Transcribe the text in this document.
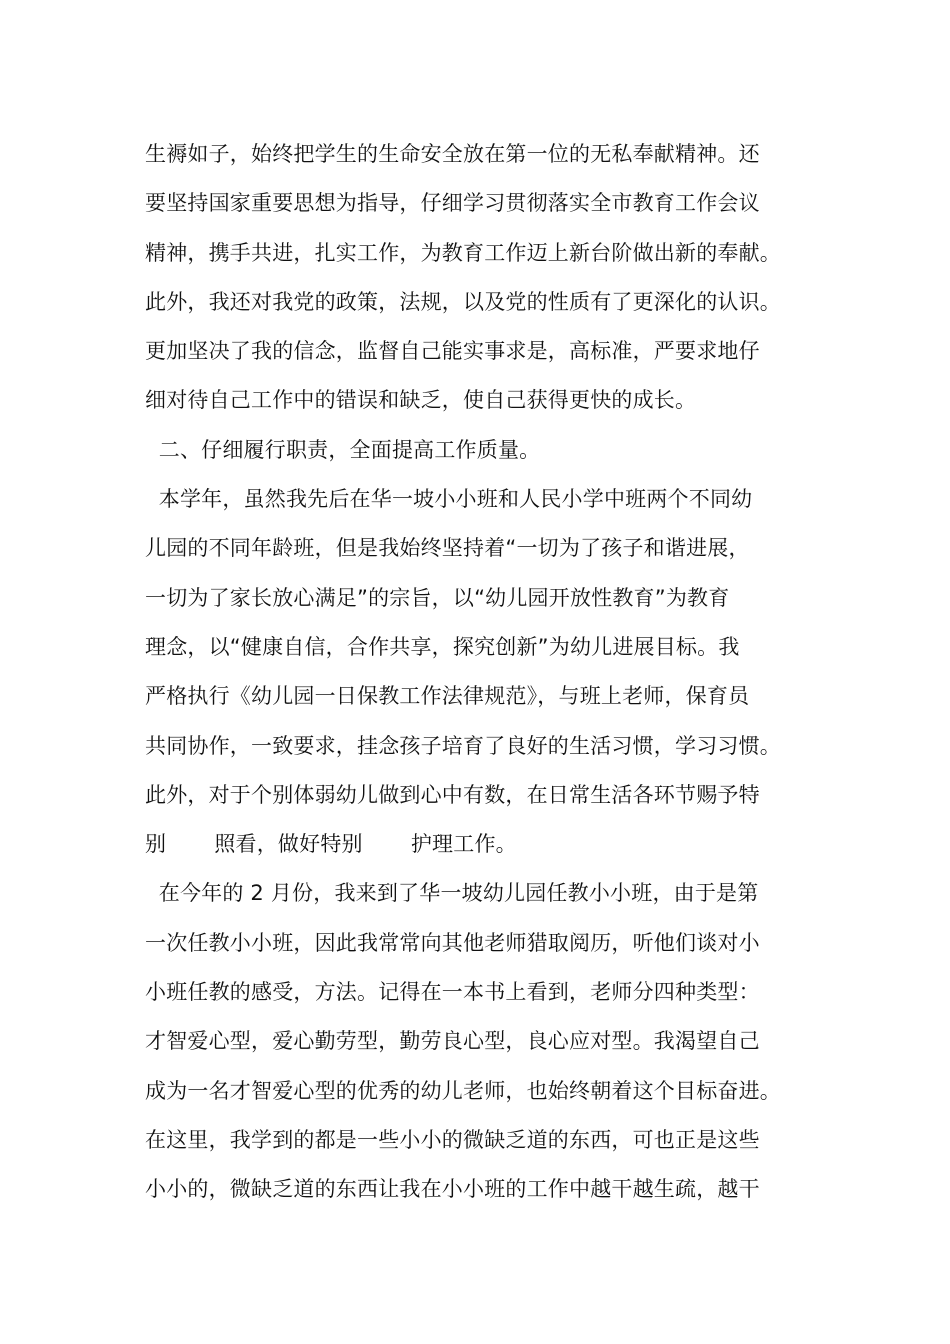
生褥如子，始终把学生的生命安全放在第一位的无私奉献精神。还
要坚持国家重要思想为指导，仔细学习贯彻落实全市教育工作会议
精神，携手共进，扎实工作，为教育工作迈上新台阶做出新的奉献。
此外，我还对我党的政策，法规，以及党的性质有了更深化的认识。
更加坚决了我的信念，监督自己能实事求是，高标准，严要求地仔
细对待自己工作中的错误和缺乏，使自己获得更快的成长。
二、仔细履行职责，全面提高工作质量。
本学年，虽然我先后在华一坡小小班和人民小学中班两个不同幼
儿园的不同年龄班，但是我始终坚持着“一切为了孩子和谐进展，
一切为了家长放心满足”的宗旨，以“幼儿园开放性教育”为教育
理念，以“健康自信，合作共享，探究创新”为幼儿进展目标。我
严格执行《幼儿园一日保教工作法律规范》，与班上老师，保育员
共同协作，一致要求，挂念孩子培育了良好的生活习惯，学习习惯。
此外，对于个别体弱幼儿做到心中有数，在日常生活各环节赐予特
别       照看，做好特别       护理工作。
在今年的 2 月份，我来到了华一坡幼儿园任教小小班，由于是第
一次任教小小班，因此我常常向其他老师猎取阅历，听他们谈对小
小班任教的感受，方法。记得在一本书上看到，老师分四种类型：
才智爱心型，爱心勤劳型，勤劳良心型，良心应对型。我渴望自己
成为一名才智爱心型的优秀的幼儿老师，也始终朝着这个目标奋进。
在这里，我学到的都是一些小小的微缺乏道的东西，可也正是这些
小小的，微缺乏道的东西让我在小小班的工作中越干越生疏，越干
